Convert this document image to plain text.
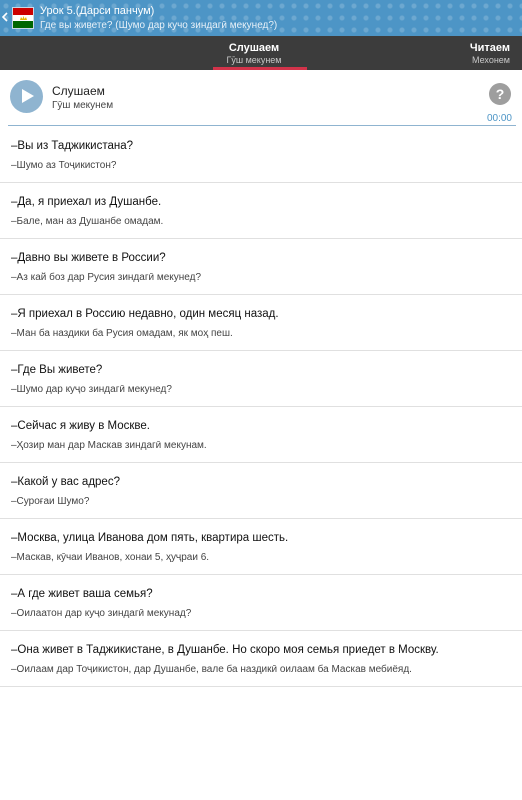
Урок 5.(Дарси панчум)
Где вы живете? (Шумо дар кучо зиндагӣ мекунед?)
Слушаем
Гӯш мекунем
Читаем
Мехонем
Слушаем
Гӯш мекунем
?
00:00
–Вы из Таджикистана?
–Шумо аз Тоҷикистон?
–Да, я приехал из Душанбе.
–Бале, ман аз Душанбе омадам.
–Давно вы живете в России?
–Аз кай боз дар Русия зиндагӣ мекунед?
–Я приехал в Россию недавно, один месяц назад.
–Ман ба наздики ба Русия омадам, як моҳ пеш.
–Где Вы живете?
–Шумо дар куҷо зиндагӣ мекунед?
–Сейчас я живу в Москве.
–Ҳозир ман дар Маскав зиндагӣ мекунам.
–Какой у вас адрес?
–Суроғаи Шумо?
–Москва, улица Иванова дом пять, квартира шесть.
–Маскав, кӯчаи Иванов, хонаи 5, ҳуҷраи 6.
–А где живет ваша семья?
–Оилаатон дар куҷо зиндагӣ мекунад?
–Она живет в Таджикистане, в Душанбе. Но скоро моя семья приедет в Москву.
–Оилаам дар Тоҷикистон, дар Душанбе, вале ба наздикӣ оилаам ба Маскав мебиёяд.
